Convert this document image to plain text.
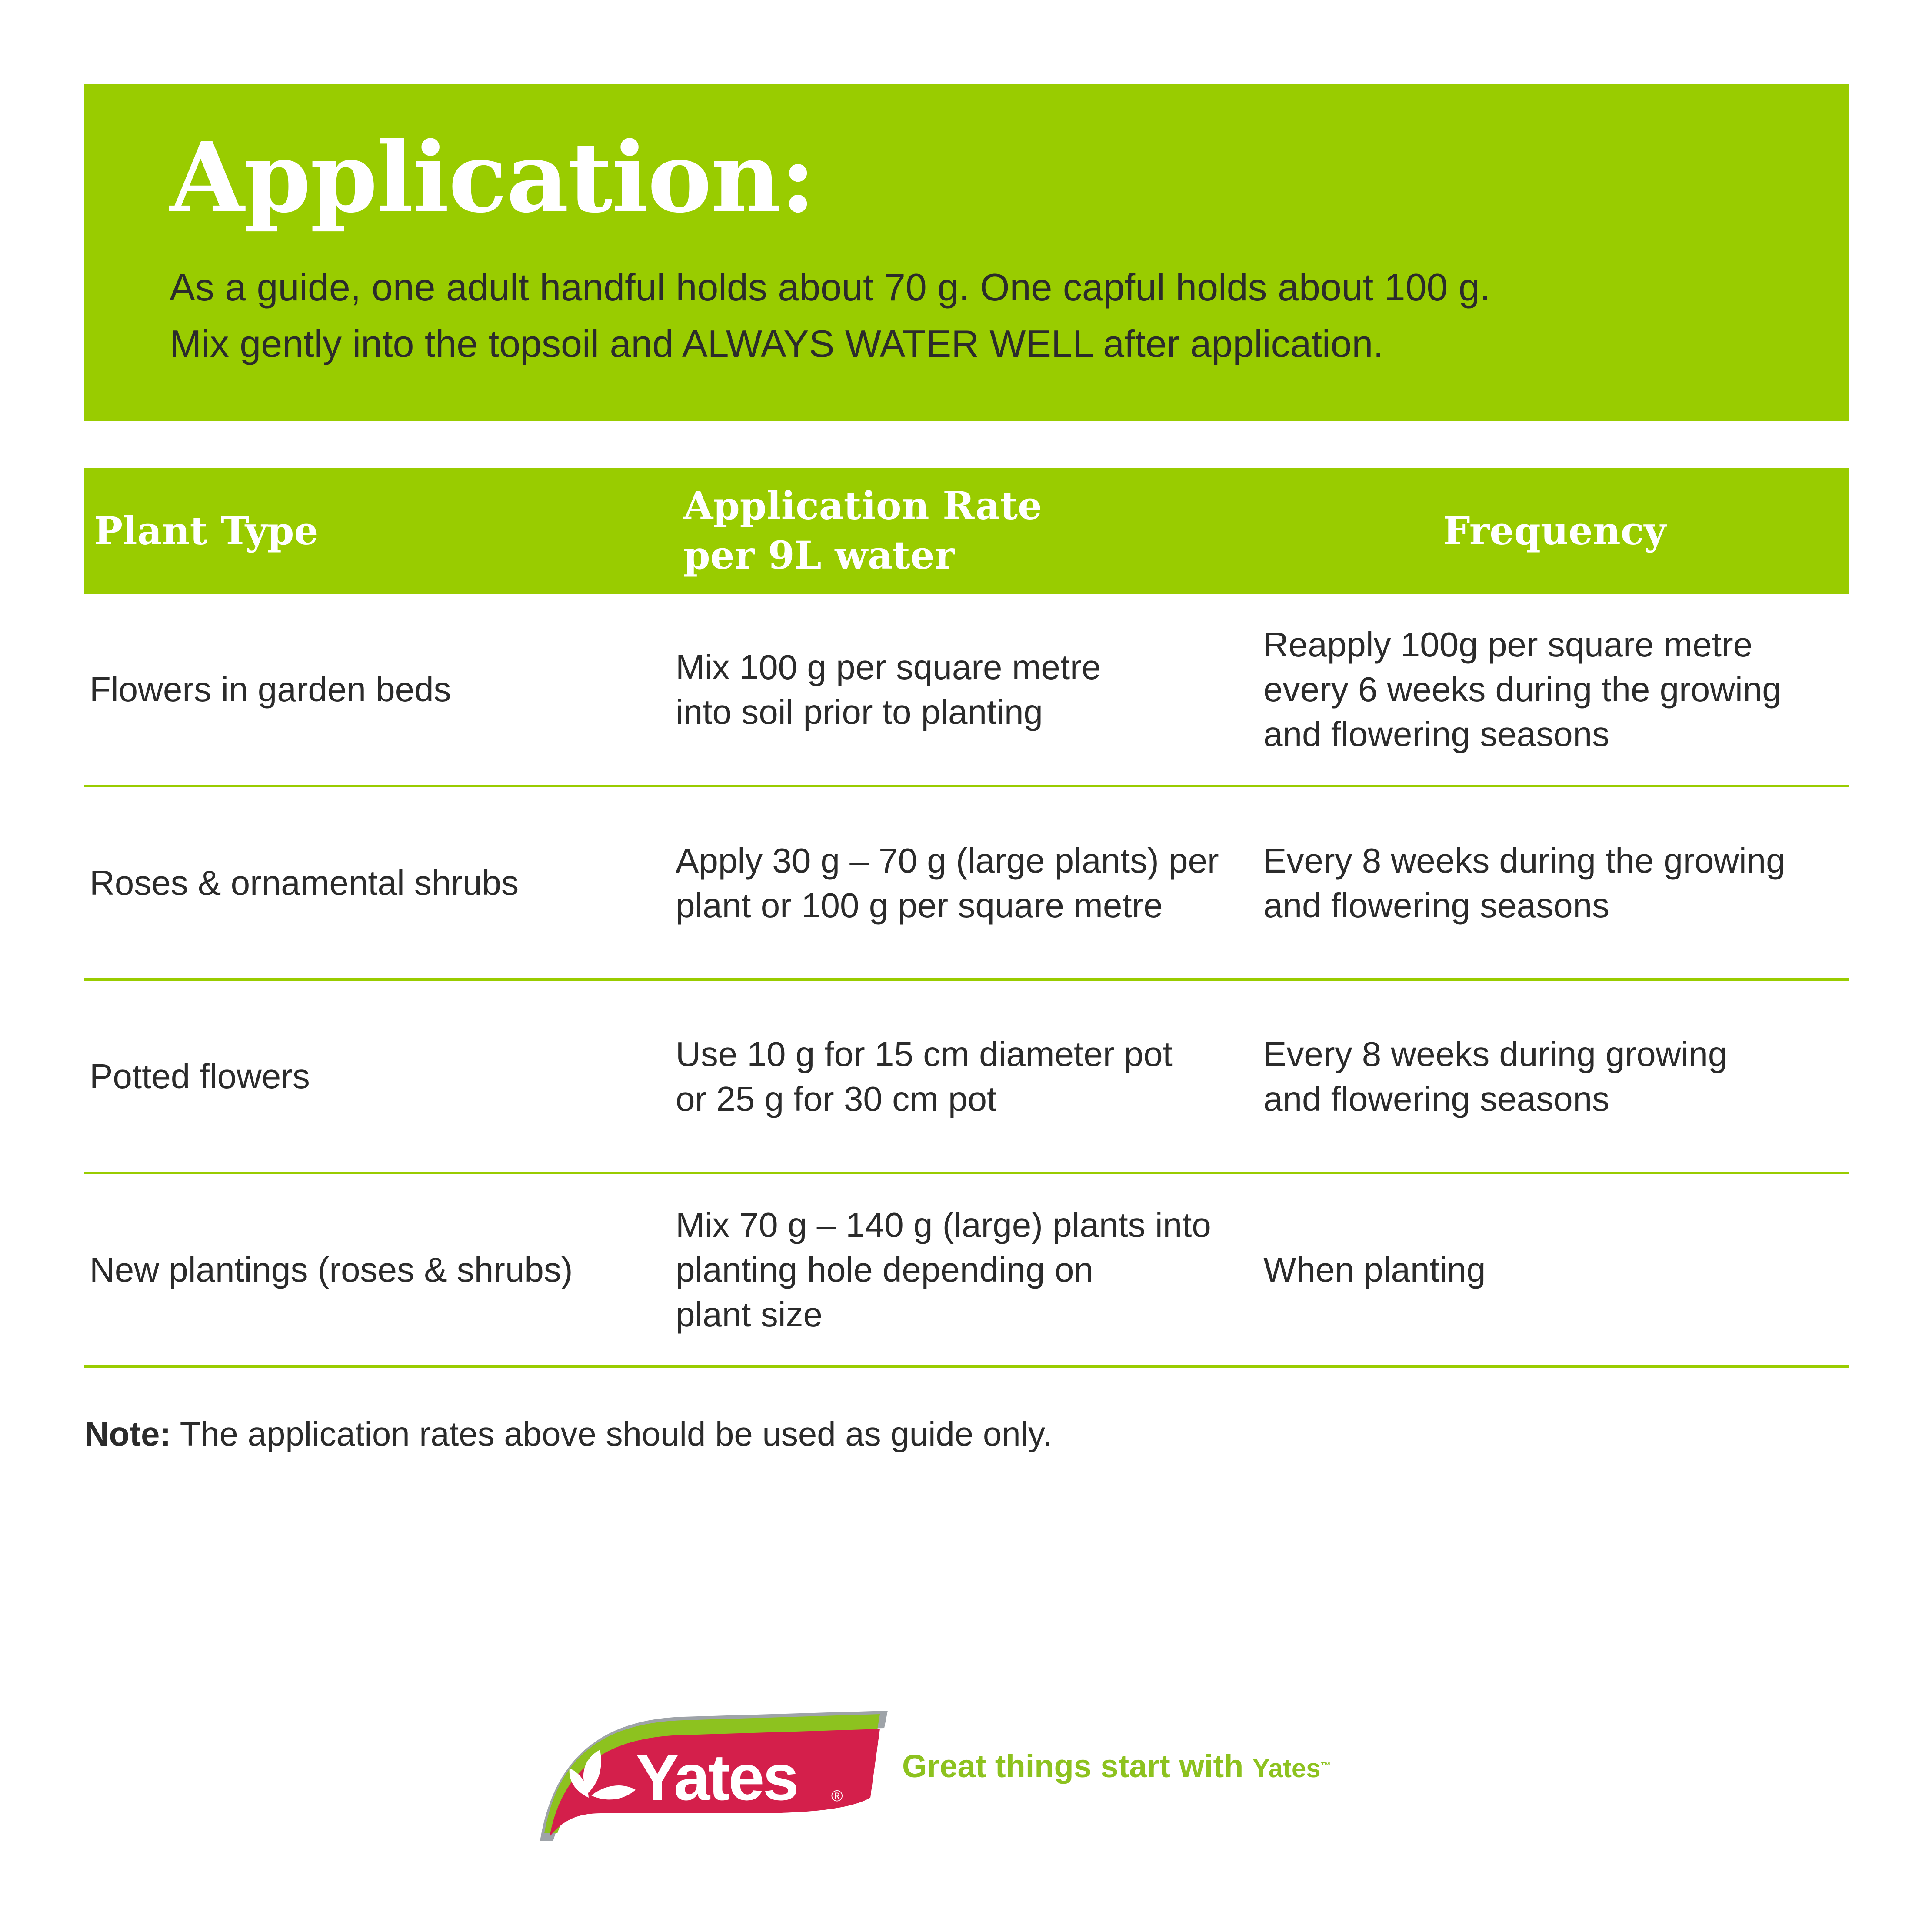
Application:
As a guide, one adult handful holds about 70 g. One capful holds about 100 g.
Mix gently into the topsoil and ALWAYS WATER WELL after application.
Plant Type
Application Rate
per 9L water
Frequency
Flowers in garden beds
Mix 100 g per square metre
into soil prior to planting
Reapply 100g per square metre
every 6 weeks during the growing
and flowering seasons
Roses & ornamental shrubs
Apply 30 g – 70 g (large plants) per
plant or 100 g per square metre
Every 8 weeks during the growing
and flowering seasons
Potted flowers
Use 10 g for 15 cm diameter pot
or 25 g for 30 cm pot
Every 8 weeks during growing
and flowering seasons
New plantings (roses & shrubs)
Mix 70 g – 140 g (large) plants into
planting hole depending on
plant size
When planting
Note: The application rates above should be used as guide only.
Yates ®
Great things start with Yates™
